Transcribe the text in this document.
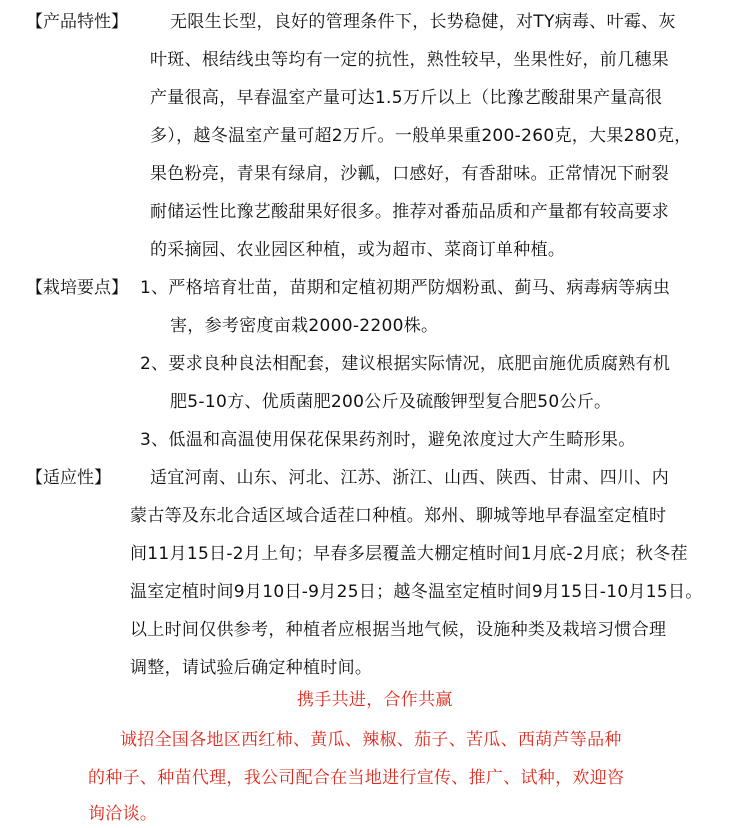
【产品特性】 无限生长型，良好的管理条件下，长势稳健，对TY病毒、叶霉、灰
叶斑、根结线虫等均有一定的抗性，熟性较早，坐果性好，前几穗果
产量很高，早春温室产量可达1.5万斤以上（比豫艺酸甜果产量高很
多），越冬温室产量可超2万斤。一般单果重200-260克，大果280克，
果色粉亮，青果有绿肩，沙瓤，口感好，有香甜味。正常情况下耐裂
耐储运性比豫艺酸甜果好很多。推荐对番茄品质和产量都有较高要求
的采摘园、农业园区种植，或为超市、菜商订单种植。
【栽培要点】 1、严格培育壮苗，苗期和定植初期严防烟粉虱、蓟马、病毒病等病虫
害，参考密度亩栽2000-2200株。
2、要求良种良法相配套，建议根据实际情况，底肥亩施优质腐熟有机
肥5-10方、优质菌肥200公斤及硫酸钾型复合肥50公斤。
3、低温和高温使用保花保果药剂时，避免浓度过大产生畸形果。
【适应性】 适宜河南、山东、河北、江苏、浙江、山西、陕西、甘肃、四川、内
蒙古等及东北合适区域合适茬口种植。郑州、聊城等地早春温室定植时
间11月15日-2月上旬；早春多层覆盖大棚定植时间1月底-2月底；秋冬茬
温室定植时间9月10日-9月25日；越冬温室定植时间9月15日-10月15日。
以上时间仅供参考，种植者应根据当地气候，设施种类及栽培习惯合理
调整，请试验后确定种植时间。
携手共进，合作共赢
诚招全国各地区西红柿、黄瓜、辣椒、茄子、苦瓜、西葫芦等品种
的种子、种苗代理，我公司配合在当地进行宣传、推广、试种，欢迎咨
询洽谈。
